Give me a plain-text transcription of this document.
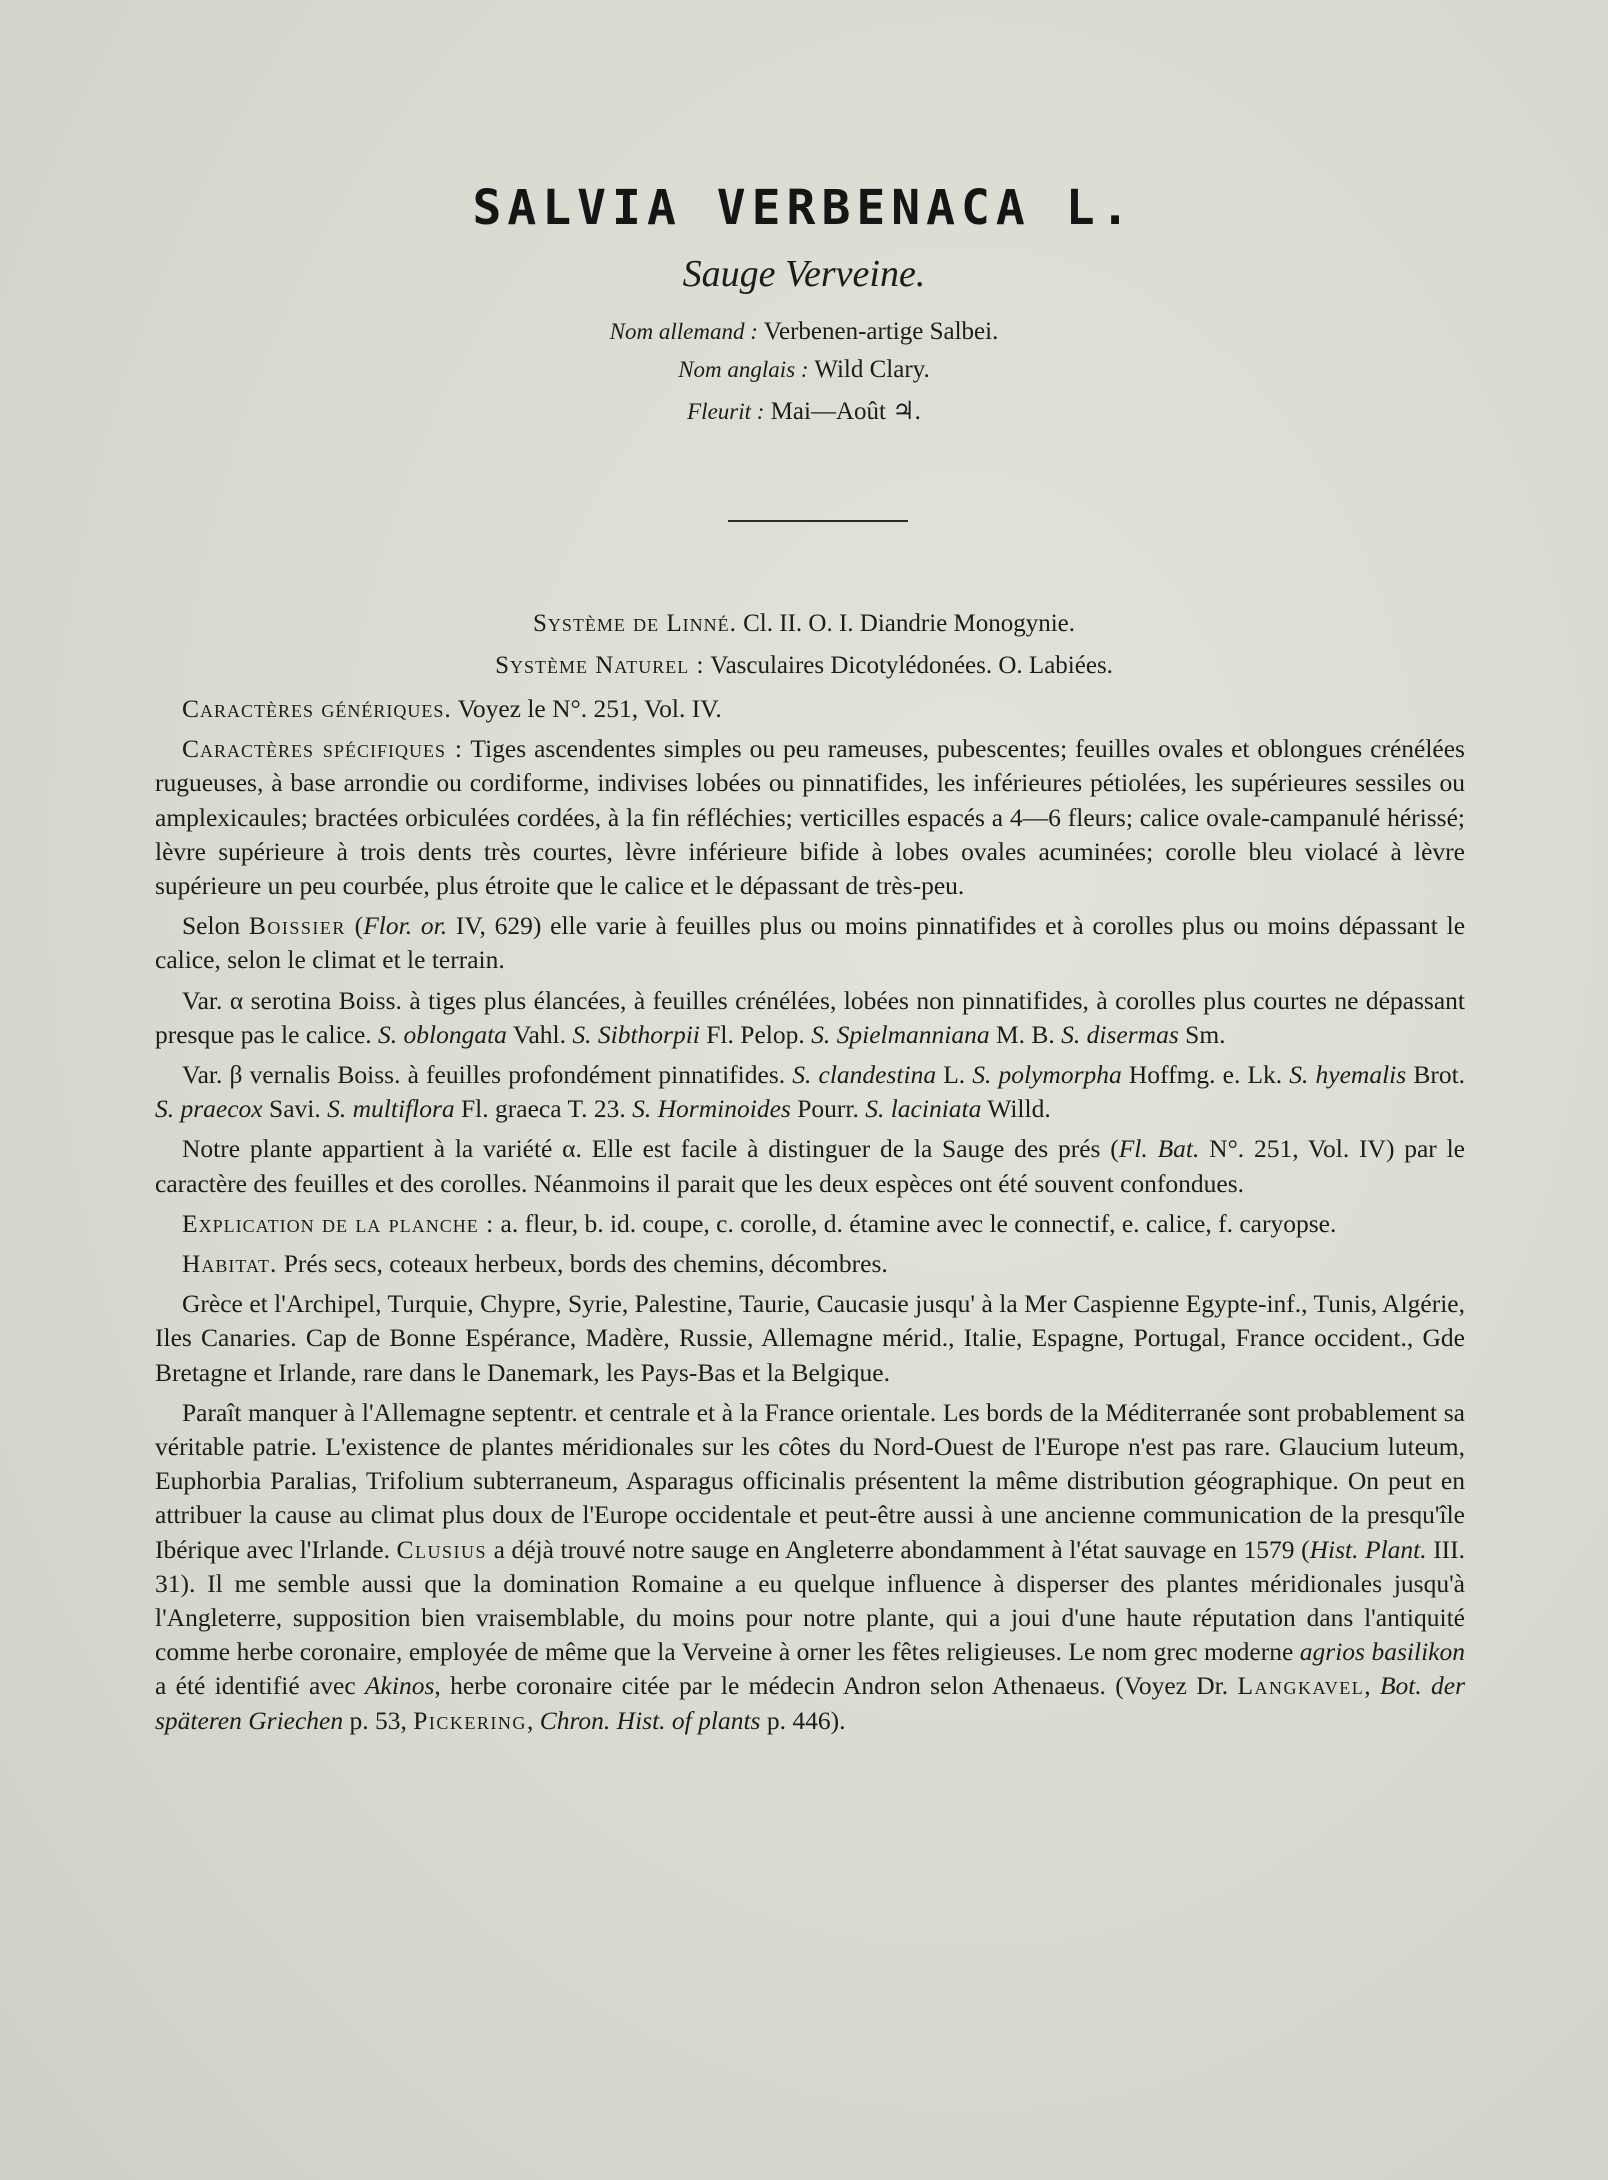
SALVIA VERBENACA L.
Sauge Verveine.
Nom allemand : Verbenen-artige Salbei.
Nom anglais : Wild Clary.
Fleurit : Mai—Août ♃.
Système de Linné. Cl. II. O. I. Diandrie Monogynie.
Système Naturel : Vasculaires Dicotylédonées. O. Labiées.

Caractères génériques. Voyez le N°. 251, Vol. IV.

Caractères spécifiques : Tiges ascendentes simples ou peu rameuses, pubescentes; feuilles ovales et oblongues crénélées rugueuses, à base arrondie ou cordiforme, indivises lobées ou pinnatifides, les inférieures pétiolées, les supérieures sessiles ou amplexicaules; bractées orbiculées cordées, à la fin réfléchies; verticilles espacés a 4—6 fleurs; calice ovale-campanulé hérissé; lèvre supérieure à trois dents très courtes, lèvre inférieure bifide à lobes ovales acuminées; corolle bleu violacé à lèvre supérieure un peu courbée, plus étroite que le calice et le dépassant de très-peu.

Selon Boissier (Flor. or. IV, 629) elle varie à feuilles plus ou moins pinnatifides et à corolles plus ou moins dépassant le calice, selon le climat et le terrain.

Var. α serotina Boiss. à tiges plus élancées, à feuilles crénélées, lobées non pinnatifides, à corolles plus courtes ne dépassant presque pas le calice. S. oblongata Vahl. S. Sibthorpii Fl. Pelop. S. Spielmanniana M. B. S. disermas Sm.

Var. β vernalis Boiss. à feuilles profondément pinnatifides. S. clandestina L. S. polymorpha Hoffmg. e. Lk. S. hyemalis Brot. S. praecox Savi. S. multiflora Fl. graeca T. 23. S. Horminoides Pourr. S. laciniata Willd.

Notre plante appartient à la variété α. Elle est facile à distinguer de la Sauge des prés (Fl. Bat. N°. 251, Vol. IV) par le caractère des feuilles et des corolles. Néanmoins il parait que les deux espèces ont été souvent confondues.

Explication de la planche : a. fleur, b. id. coupe, c. corolle, d. étamine avec le connectif, e. calice, f. caryopse.

Habitat. Prés secs, coteaux herbeux, bords des chemins, décombres.

Grèce et l'Archipel, Turquie, Chypre, Syrie, Palestine, Taurie, Caucasie jusqu' à la Mer Caspienne Egypte-inf., Tunis, Algérie, Iles Canaries. Cap de Bonne Espérance, Madère, Russie, Allemagne mérid., Italie, Espagne, Portugal, France occident., Gde Bretagne et Irlande, rare dans le Danemark, les Pays-Bas et la Belgique.

Paraît manquer à l'Allemagne septentr. et centrale et à la France orientale. Les bords de la Méditerranée sont probablement sa véritable patrie. L'existence de plantes méridionales sur les côtes du Nord-Ouest de l'Europe n'est pas rare. Glaucium luteum, Euphorbia Paralias, Trifolium subterraneum, Asparagus officinalis présentent la même distribution géographique. On peut en attribuer la cause au climat plus doux de l'Europe occidentale et peut-être aussi à une ancienne communication de la presqu'île Ibérique avec l'Irlande. Clusius a déjà trouvé notre sauge en Angleterre abondamment à l'état sauvage en 1579 (Hist. Plant. III. 31). Il me semble aussi que la domination Romaine a eu quelque influence à disperser des plantes méridionales jusqu'à l'Angleterre, supposition bien vraisemblable, du moins pour notre plante, qui a joui d'une haute réputation dans l'antiquité comme herbe coronaire, employée de même que la Verveine à orner les fêtes religieuses. Le nom grec moderne agrios basilikon a été identifié avec Akinos, herbe coronaire citée par le médecin Andron selon Athenaeus. (Voyez Dr. Langkavel, Bot. der späteren Griechen p. 53, Pickering, Chron. Hist. of plants p. 446).
